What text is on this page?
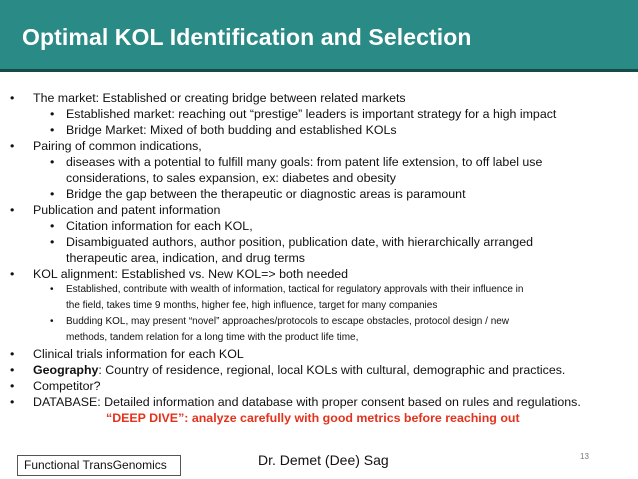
Optimal KOL Identification and Selection
• The market: Established or creating bridge between related markets
• Established market: reaching out “prestige” leaders is important strategy for a high impact
• Bridge Market: Mixed of both budding and established KOLs
• Pairing of common indications,
• diseases with a potential to fulfill many goals: from patent life extension, to off label use
considerations, to sales expansion, ex: diabetes and obesity
• Bridge the gap between the therapeutic or diagnostic areas is paramount
• Publication and patent information
• Citation information for each KOL,
• Disambiguated authors, author position, publication date, with hierarchically arranged
therapeutic area, indication, and drug terms
• KOL alignment: Established vs. New KOL=> both needed
• Established, contribute with wealth of information, tactical for regulatory approvals with their influence in
the field, takes time 9 months, higher fee, high influence, target for many companies
• Budding KOL, may present “novel” approaches/protocols to escape obstacles, protocol design / new
methods, tandem relation for a long time with the product life time,
• Clinical trials information for each KOL
• Geography: Country of residence, regional, local KOLs with cultural, demographic and practices.
• Competitor?
• DATABASE: Detailed information and database with proper consent based on rules and regulations.
“DEEP DIVE”: analyze carefully with good metrics before reaching out
Functional TransGenomics	Dr. Demet (Dee) Sag	13
